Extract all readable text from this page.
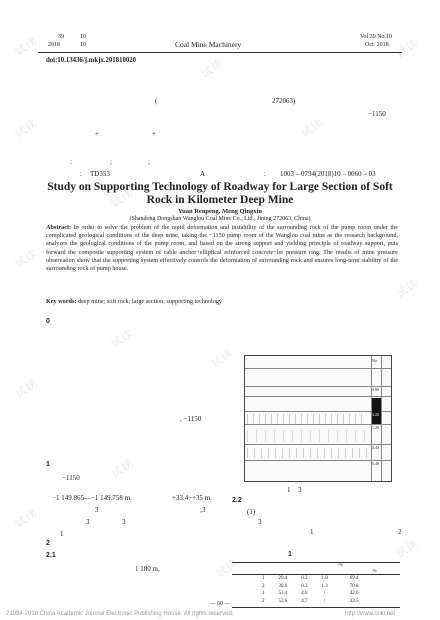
试读
试读
试读
试读
试读
试读
试读
试读
试读
试读
试读
试读
试读
试读
试读
39	10
2018	10	Coal Mine Machinery
Vol.39 No.10
Oct. 2018
doi:10.13436/j.mkjx.201810020
(	272063)
−1150
+	+
:	;	;
: TD353	A	: 1003 – 0794(2018)10 – 0060 – 03
Study on Supporting Technology of Roadway for Large Section of Soft
Rock in Kilometer Deep Mine
Yuan Renpeng, Meng Qingxin
(Shandong Dongshan Wanglou Coal Mine Co., Ltd., Jining 272063, China)
Abstract: In order to solve the problem of the rapid deformation and instability of the surrounding rock of the pump room under the complicated geological conditions of the deep mine, taking the −1150 pump room of the Wanglou coal mine as the research background, analyzes the geological conditions of the pump room, and based on the strong support and yielding principle of roadway support, puts forward the composite supporting system of cable anchor+elliptical reinforced concrete+let pressure ring. The results of mine pressure observation show that the supporting system effectively controls the deformation of surrounding rock and ensures long-term stability of the surrounding rock of pump house.
Key words: deep mine; soft rock; large section; supporting technology
0
, −1150
1
−1150
−1 149.865—−1 149.758 m,	+33.4~+35 m,
3	;3
3	3
1
2
2.1
1 180 m,
No.
4.00
4.00
3.20
1.20
4.43
5.40
1 3
2.2
(1)
3
1	2
1
/%
/%
1	29.4	0.2	1.0	69.4
2	30.6	0.3	1.3	70.8
1	53.4	4.0	/	42.6
2	52.6	4.7	/	43.5
— 60 —
?1994-2018 China Academic Journal Electronic Publishing House. All rights reserved.	http://www.cnki.net
